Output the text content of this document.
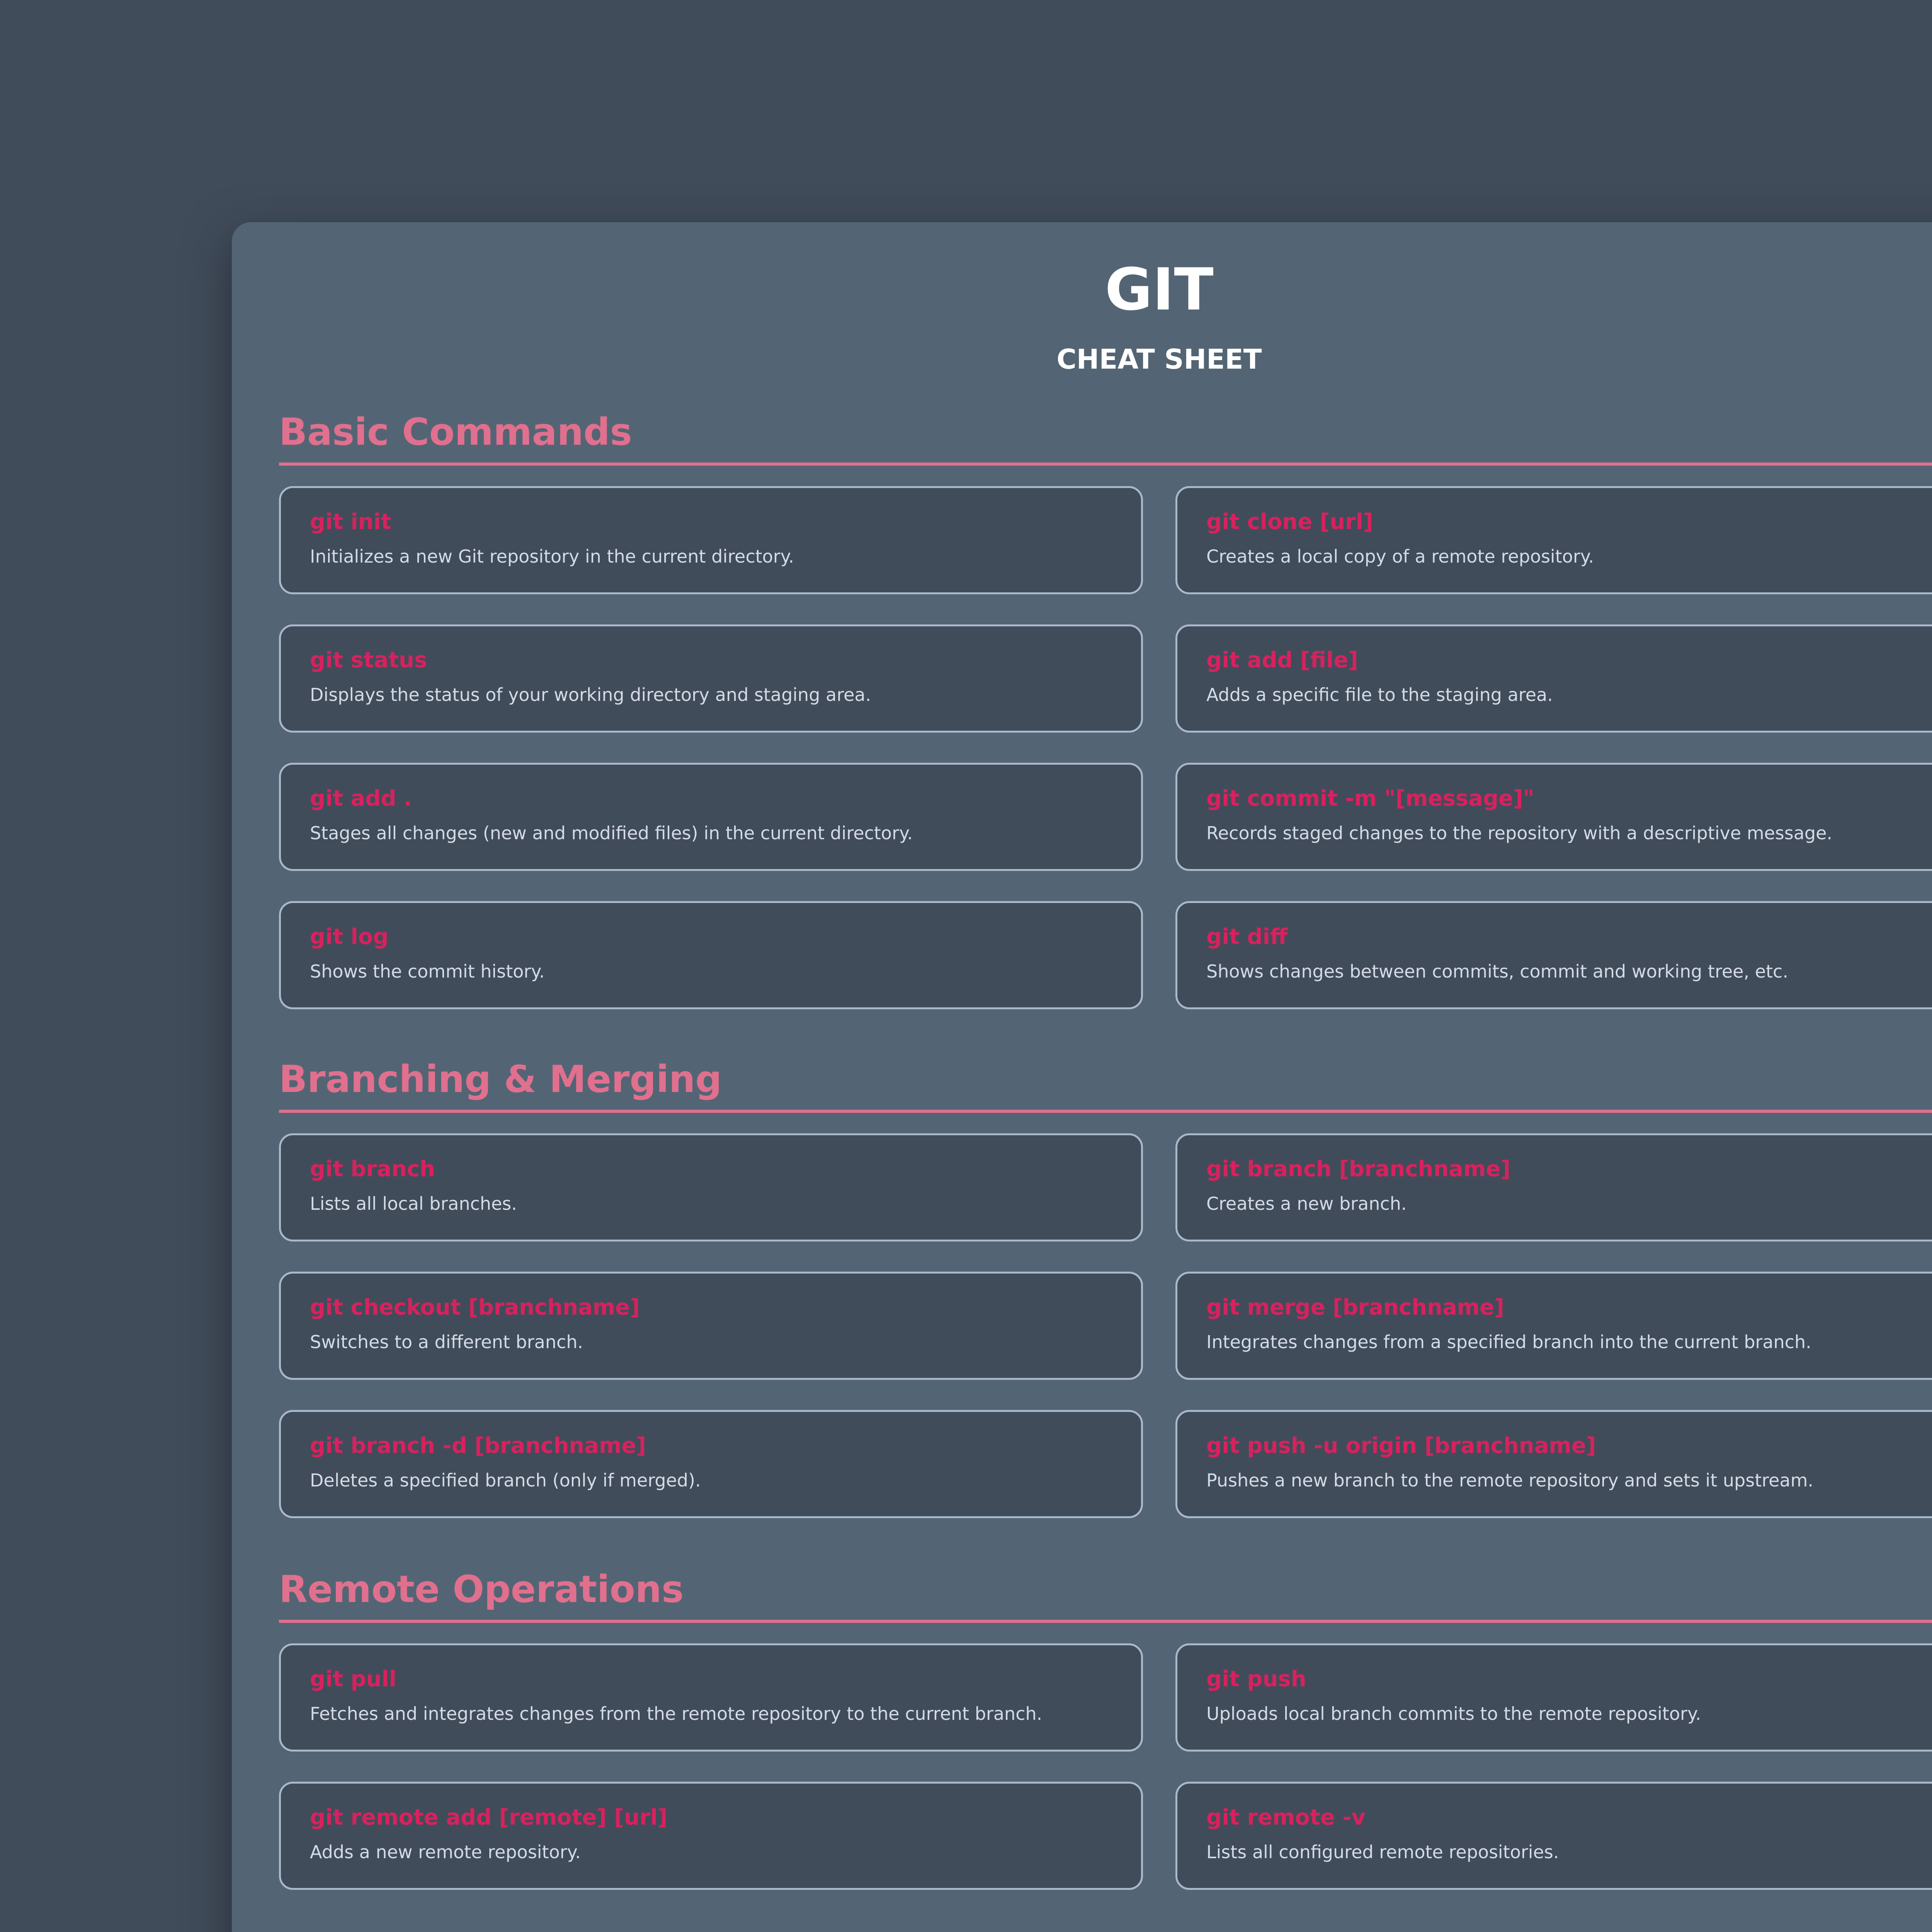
GIT
CHEAT SHEET
Basic Commands
git init
Initializes a new Git repository in the current directory.
git clone [url]
Creates a local copy of a remote repository.
git status
Displays the status of your working directory and staging area.
git add [file]
Adds a specific file to the staging area.
git add .
Stages all changes (new and modified files) in the current directory.
git commit -m "[message]"
Records staged changes to the repository with a descriptive message.
git log
Shows the commit history.
git diff
Shows changes between commits, commit and working tree, etc.
Branching & Merging
git branch
Lists all local branches.
git branch [branchname]
Creates a new branch.
git checkout [branchname]
Switches to a different branch.
git merge [branchname]
Integrates changes from a specified branch into the current branch.
git branch -d [branchname]
Deletes a specified branch (only if merged).
git push -u origin [branchname]
Pushes a new branch to the remote repository and sets it upstream.
Remote Operations
git pull
Fetches and integrates changes from the remote repository to the current branch.
git push
Uploads local branch commits to the remote repository.
git remote add [remote] [url]
Adds a new remote repository.
git remote -v
Lists all configured remote repositories.
